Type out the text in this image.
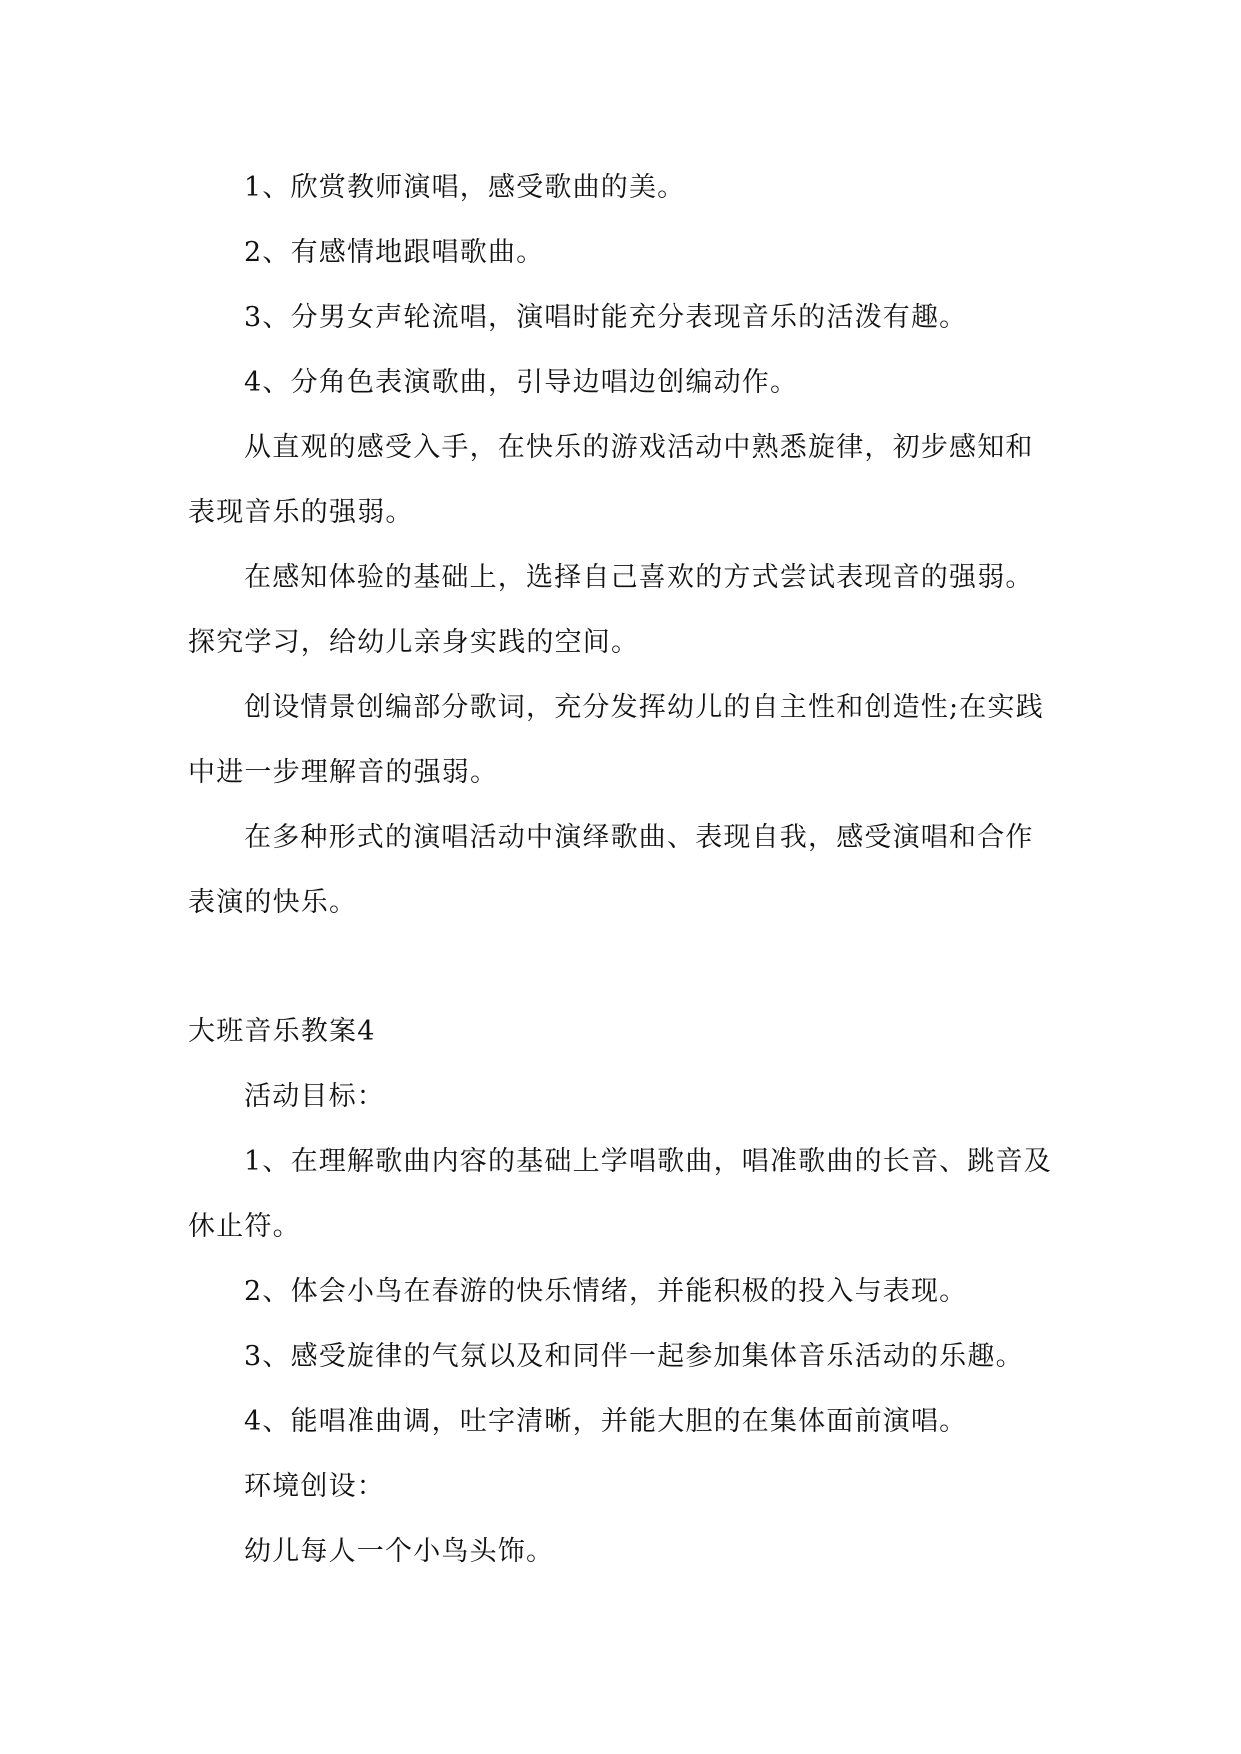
1、欣赏教师演唱，感受歌曲的美。

2、有感情地跟唱歌曲。

3、分男女声轮流唱，演唱时能充分表现音乐的活泼有趣。

4、分角色表演歌曲，引导边唱边创编动作。

从直观的感受入手，在快乐的游戏活动中熟悉旋律，初步感知和表现音乐的强弱。

在感知体验的基础上，选择自己喜欢的方式尝试表现音的强弱。探究学习，给幼儿亲身实践的空间。

创设情景创编部分歌词，充分发挥幼儿的自主性和创造性;在实践中进一步理解音的强弱。

在多种形式的演唱活动中演绎歌曲、表现自我，感受演唱和合作表演的快乐。

大班音乐教案4

活动目标：

1、在理解歌曲内容的基础上学唱歌曲，唱准歌曲的长音、跳音及休止符。

2、体会小鸟在春游的快乐情绪，并能积极的投入与表现。

3、感受旋律的气氛以及和同伴一起参加集体音乐活动的乐趣。

4、能唱准曲调，吐字清晰，并能大胆的在集体面前演唱。

环境创设：

幼儿每人一个小鸟头饰。
